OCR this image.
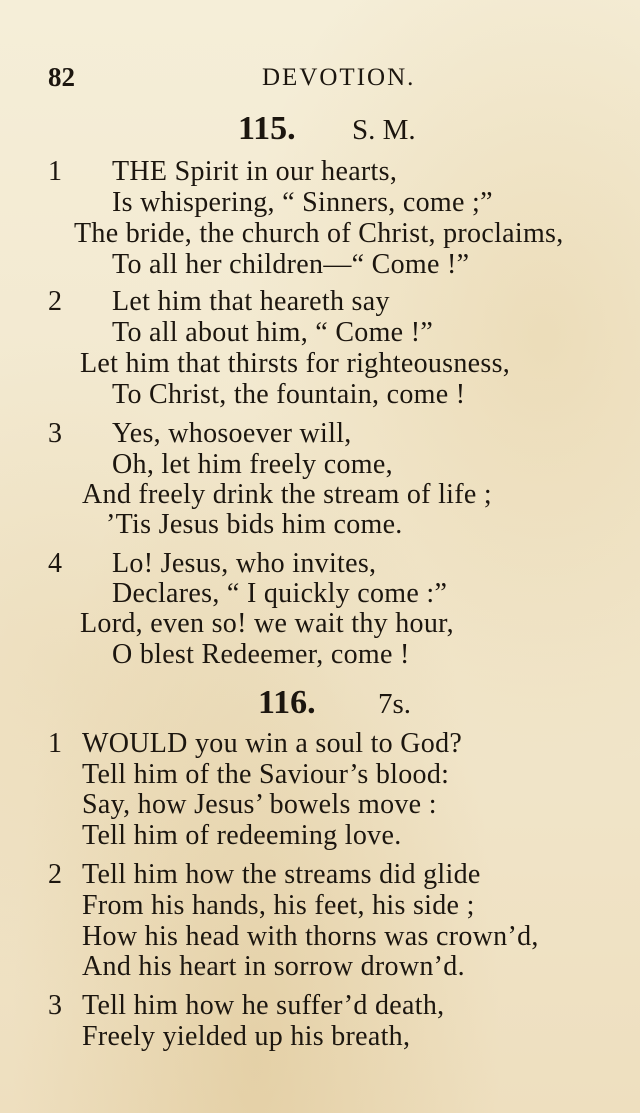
82	DEVOTION.
115. S. M.
1 THE Spirit in our hearts,
Is whispering, “ Sinners, come ;”
The bride, the church of Christ, proclaims,
To all her children—“ Come !”
2 Let him that heareth say
To all about him, “ Come !”
Let him that thirsts for righteousness,
To Christ, the fountain, come !
3 Yes, whosoever will,
Oh, let him freely come,
And freely drink the stream of life ;
’Tis Jesus bids him come.
4 Lo! Jesus, who invites,
Declares, “ I quickly come :”
Lord, even so! we wait thy hour,
O blest Redeemer, come !
116. 7s.
1 WOULD you win a soul to God?
Tell him of the Saviour’s blood:
Say, how Jesus’ bowels move :
Tell him of redeeming love.
2 Tell him how the streams did glide
From his hands, his feet, his side ;
How his head with thorns was crown’d,
And his heart in sorrow drown’d.
3 Tell him how he suffer’d death,
Freely yielded up his breath,
